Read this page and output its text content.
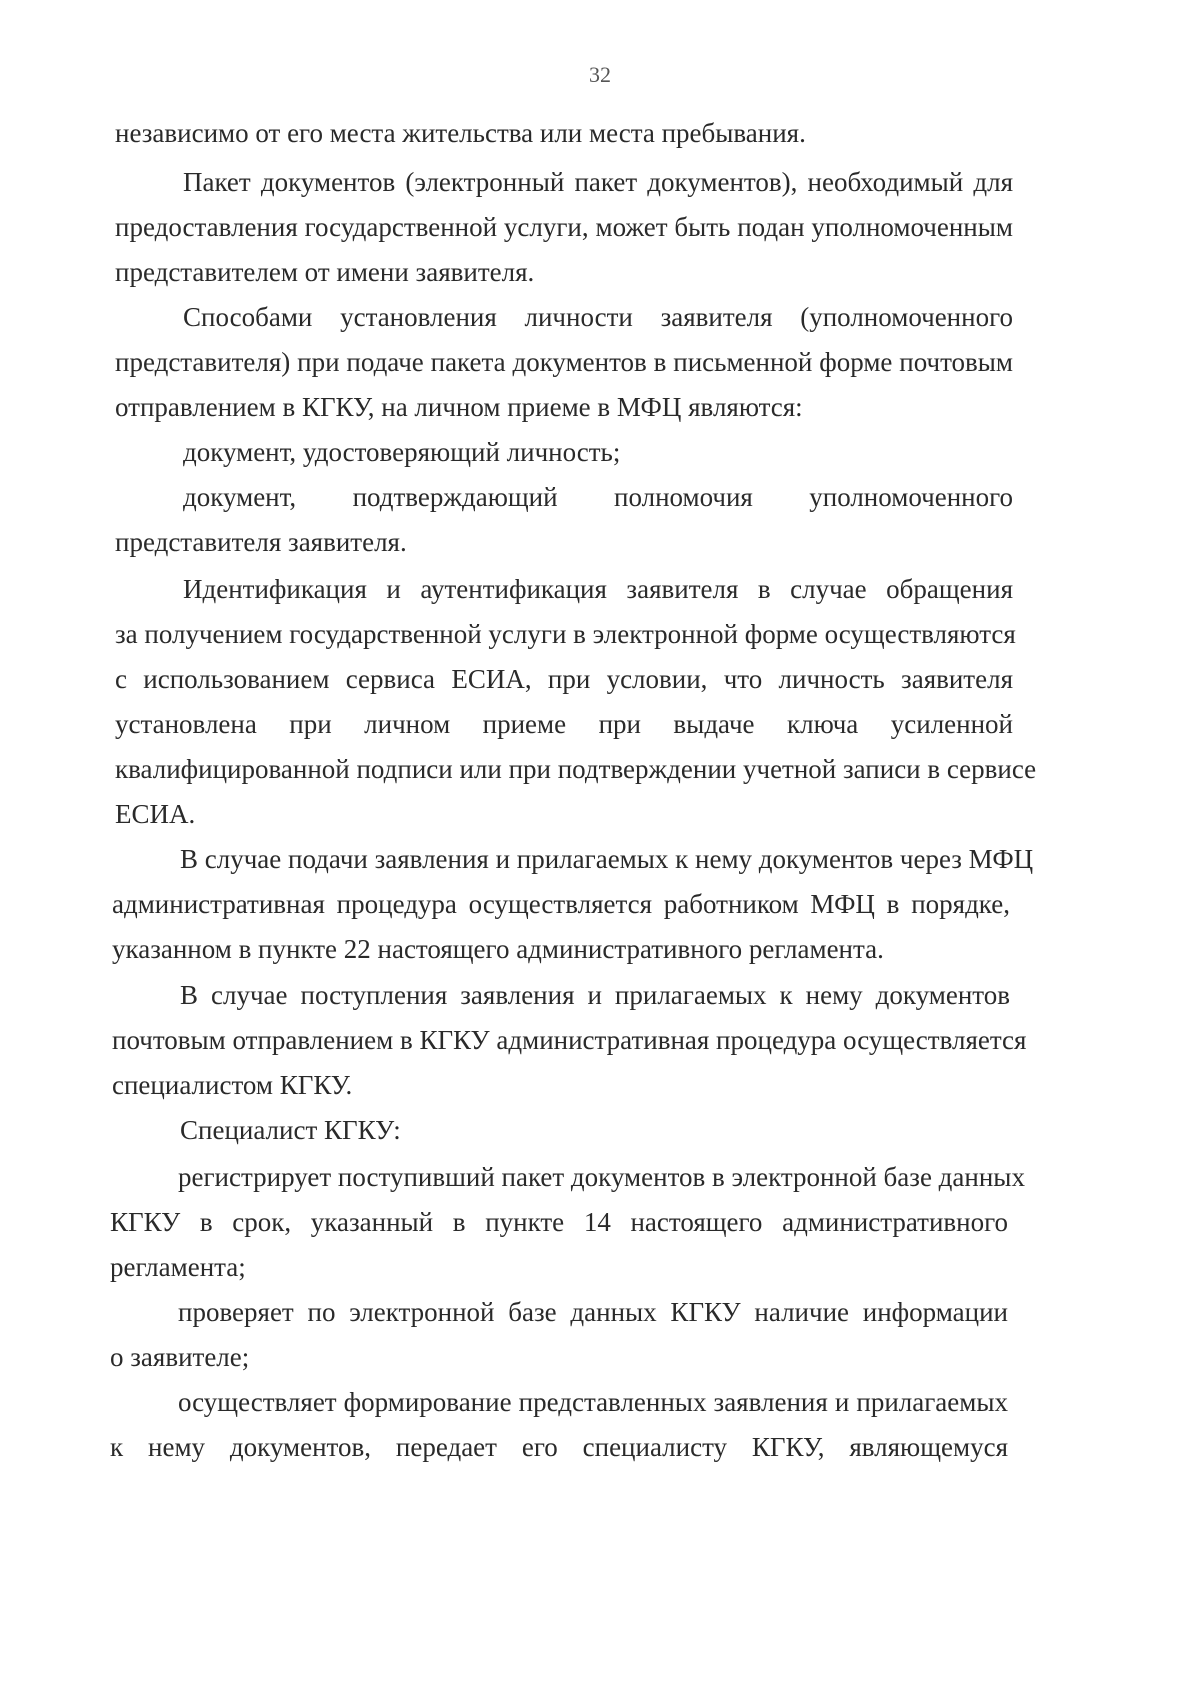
32
независимо от его места жительства или места пребывания.
Пакет документов (электронный пакет документов), необходимый для
предоставления государственной услуги, может быть подан уполномоченным
представителем от имени заявителя.
Способами установления личности заявителя (уполномоченного
представителя) при подаче пакета документов в письменной форме почтовым
отправлением в КГКУ, на личном приеме в МФЦ являются:
документ, удостоверяющий личность;
документ, подтверждающий полномочия уполномоченного
представителя заявителя.
Идентификация и аутентификация заявителя в случае обращения
за получением государственной услуги в электронной форме осуществляются
с использованием сервиса ЕСИА, при условии, что личность заявителя
установлена при личном приеме при выдаче ключа усиленной
квалифицированной подписи или при подтверждении учетной записи в сервисе
ЕСИА.
В случае подачи заявления и прилагаемых к нему документов через МФЦ
административная процедура осуществляется работником МФЦ в порядке,
указанном в пункте 22 настоящего административного регламента.
В случае поступления заявления и прилагаемых к нему документов
почтовым отправлением в КГКУ административная процедура осуществляется
специалистом КГКУ.
Специалист КГКУ:
регистрирует поступивший пакет документов в электронной базе данных
КГКУ в срок, указанный в пункте 14 настоящего административного
регламента;
проверяет по электронной базе данных КГКУ наличие информации
о заявителе;
осуществляет формирование представленных заявления и прилагаемых
к нему документов, передает его специалисту КГКУ, являющемуся
